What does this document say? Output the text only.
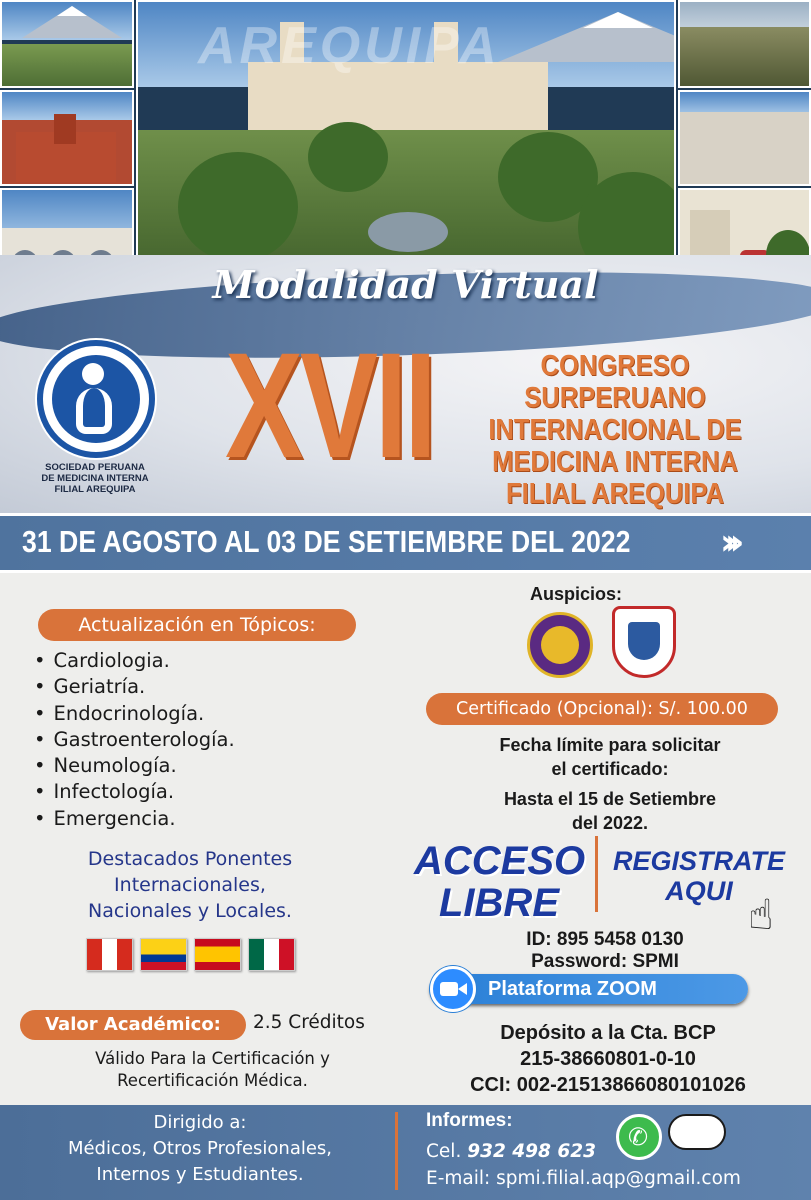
AREQUIPA
Modalidad Virtual
SOCIEDAD PERUANA
DE MEDICINA INTERNA
FILIAL AREQUIPA
XVII	CONGRESO SURPERUANO
INTERNACIONAL DE
MEDICINA INTERNA
FILIAL AREQUIPA
31 DE AGOSTO AL 03 DE SETIEMBRE DEL 2022 ›››
Actualización en Tópicos:
• Cardiologia.
• Geriatría.
• Endocrinología.
• Gastroenterología.
• Neumología.
• Infectología.
• Emergencia.
Destacados Ponentes
Internacionales,
Nacionales y Locales.
Valor Académico:	2.5 Créditos
Válido Para la Certificación y
Recertificación Médica.
Auspicios:
Certificado (Opcional): S/. 100.00
Fecha límite para solicitar
el certificado:
Hasta el 15 de Setiembre
del 2022.
ACCESO
LIBRE
REGISTRATE
AQUI ☝
ID: 895 5458 0130
Password: SPMI
Plataforma ZOOM
Depósito a la Cta. BCP
215-38660801-0-10
CCI: 002-21513866080101026
Dirigido a:
Médicos, Otros Profesionales,
Internos y Estudiantes.
Informes:
Cel. 932 498 623
✆
E-mail: spmi.filial.aqp@gmail.com
